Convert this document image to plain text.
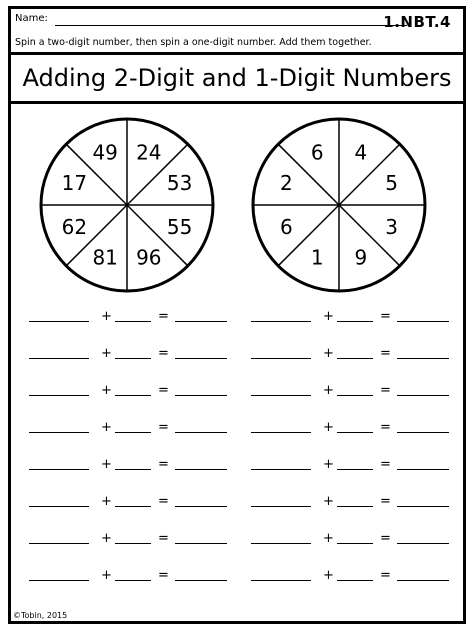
Name:	1.NBT.4
Spin a two-digit number, then spin a one-digit number. Add them together.
Adding 2-Digit and 1-Digit Numbers
24
53
55
96
81
62
17
49	4
5
3
9
1
6
2
6
+	=
+	=
+	=
+	=
+	=
+	=
+	=
+	=
+	=
+	=
+	=
+	=
+	=
+	=
+	=
+	=
©Tobin, 2015
